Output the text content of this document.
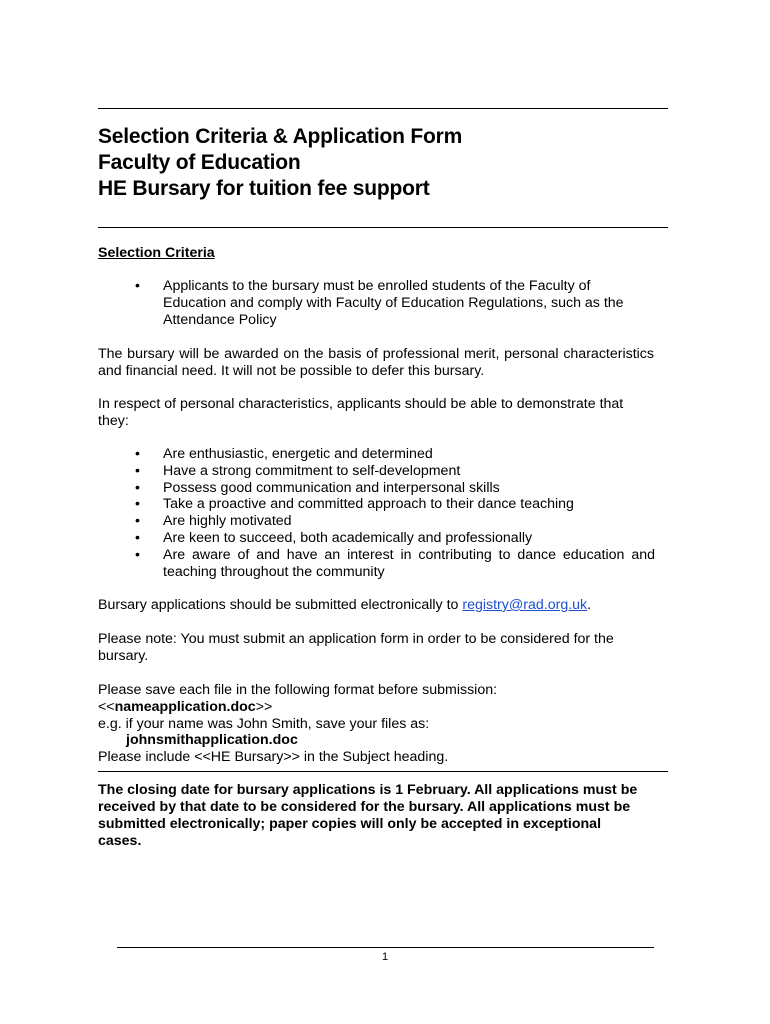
Selection Criteria & Application Form
Faculty of Education
HE Bursary for tuition fee support
Selection Criteria
•	Applicants to the bursary must be enrolled students of the Faculty of Education and comply with Faculty of Education Regulations, such as the Attendance Policy
The bursary will be awarded on the basis of professional merit, personal characteristics and financial need. It will not be possible to defer this bursary.
In respect of personal characteristics, applicants should be able to demonstrate that they:
•	Are enthusiastic, energetic and determined
•	Have a strong commitment to self-development
•	Possess good communication and interpersonal skills
•	Take a proactive and committed approach to their dance teaching
•	Are highly motivated
•	Are keen to succeed, both academically and professionally
•	Are aware of and have an interest in contributing to dance education and teaching throughout the community
Bursary applications should be submitted electronically to registry@rad.org.uk.
Please note: You must submit an application form in order to be considered for the bursary.
Please save each file in the following format before submission:
<<nameapplication.doc>>
e.g. if your name was John Smith, save your files as:
johnsmithapplication.doc
Please include <<HE Bursary>> in the Subject heading.
The closing date for bursary applications is 1 February. All applications must be received by that date to be considered for the bursary. All applications must be submitted electronically; paper copies will only be accepted in exceptional cases.
1
